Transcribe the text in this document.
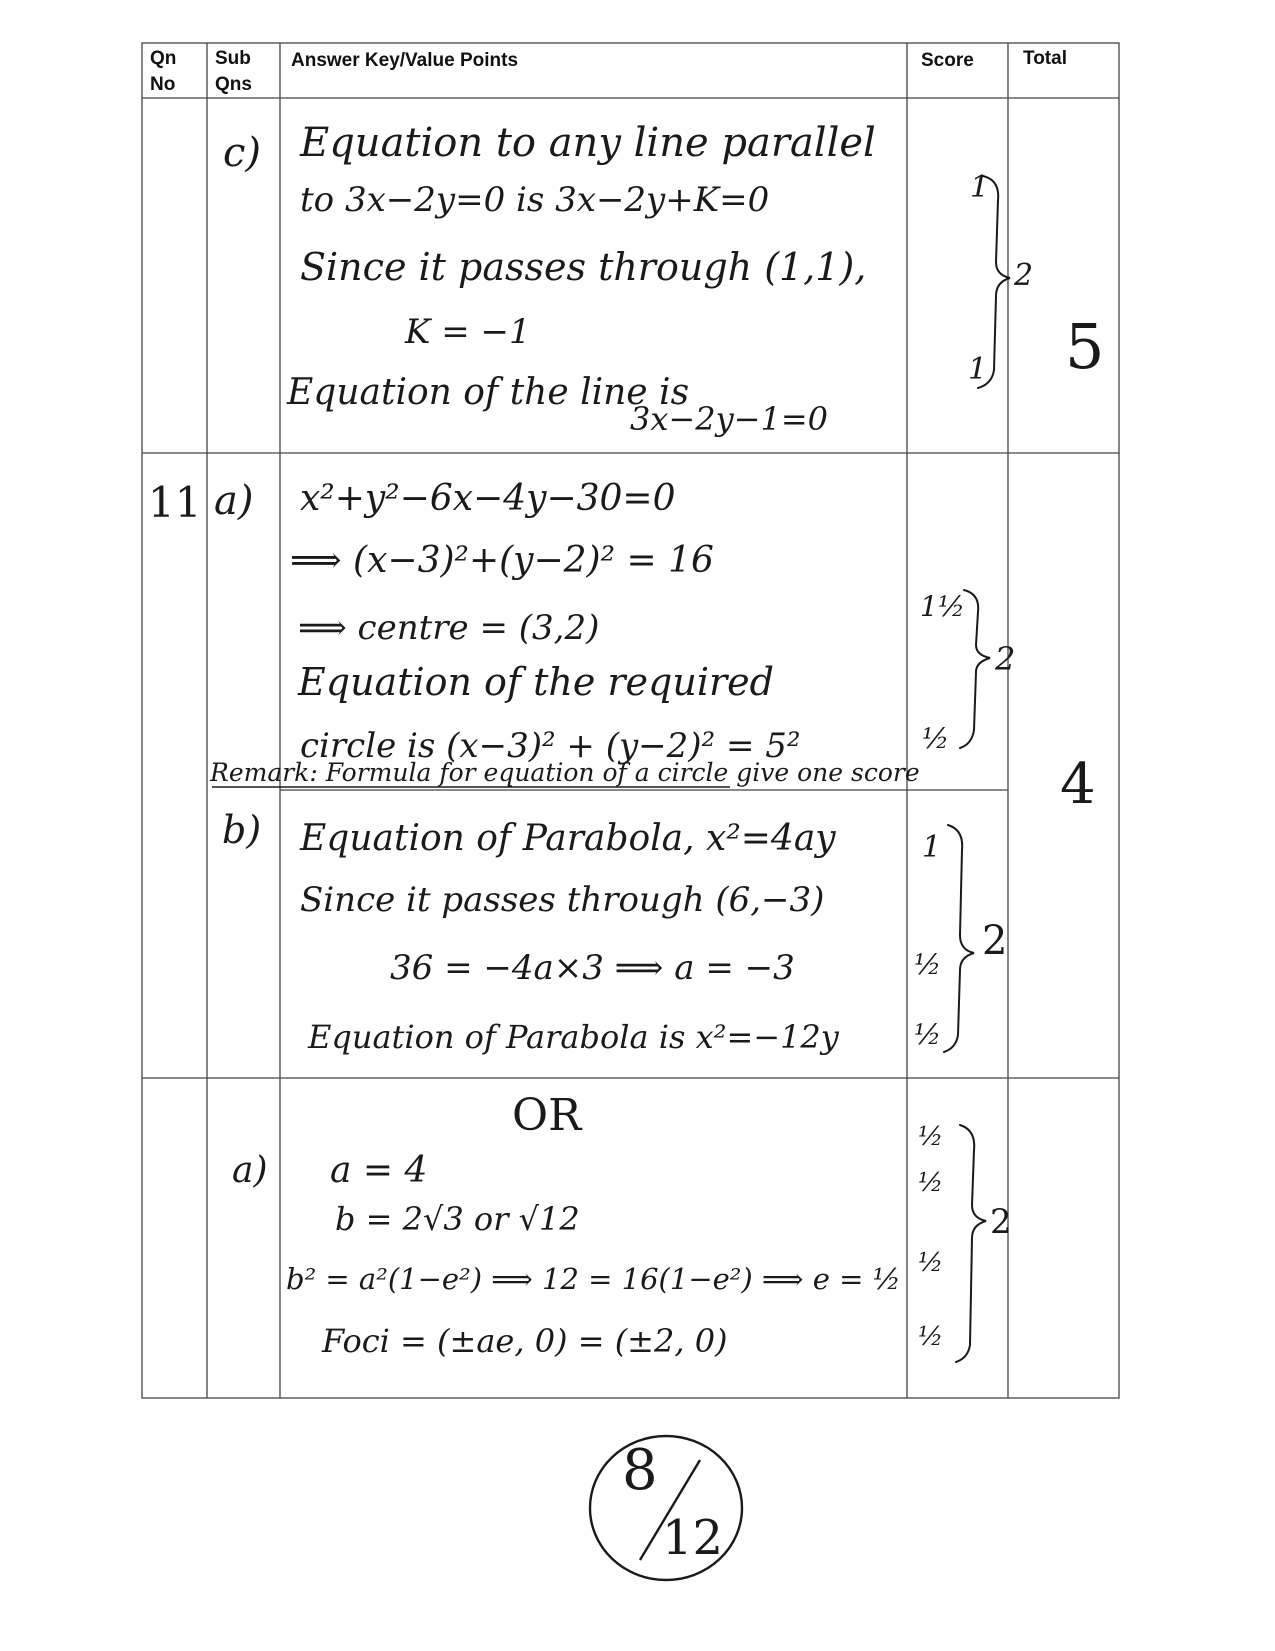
Qn
No
Sub
Qns
Answer Key/Value Points	Score	Total
c) Equation to any line parallel
to 3x−2y=0 is 3x−2y+K=0
Since it passes through (1,1),
K = −1
Equation of the line is
3x−2y−1=0
1
1
2
5
11 a) x²+y²−6x−4y−30=0
⟹ (x−3)²+(y−2)² = 16
⟹ centre = (3,2)
Equation of the required
circle is (x−3)² + (y−2)² = 5²
Remark: Formula for equation of a circle give one score
1½
½
2
b) Equation of Parabola, x²=4ay
Since it passes through (6,−3)
36 = −4a×3 ⟹ a = −3
Equation of Parabola is x²=−12y
1
½
½
2
4
OR
a) a = 4
b = 2√3 or √12
b² = a²(1−e²) ⟹ 12 = 16(1−e²) ⟹ e = ½
Foci = (±ae, 0) = (±2, 0)
½
½
½
½
2
8
12
